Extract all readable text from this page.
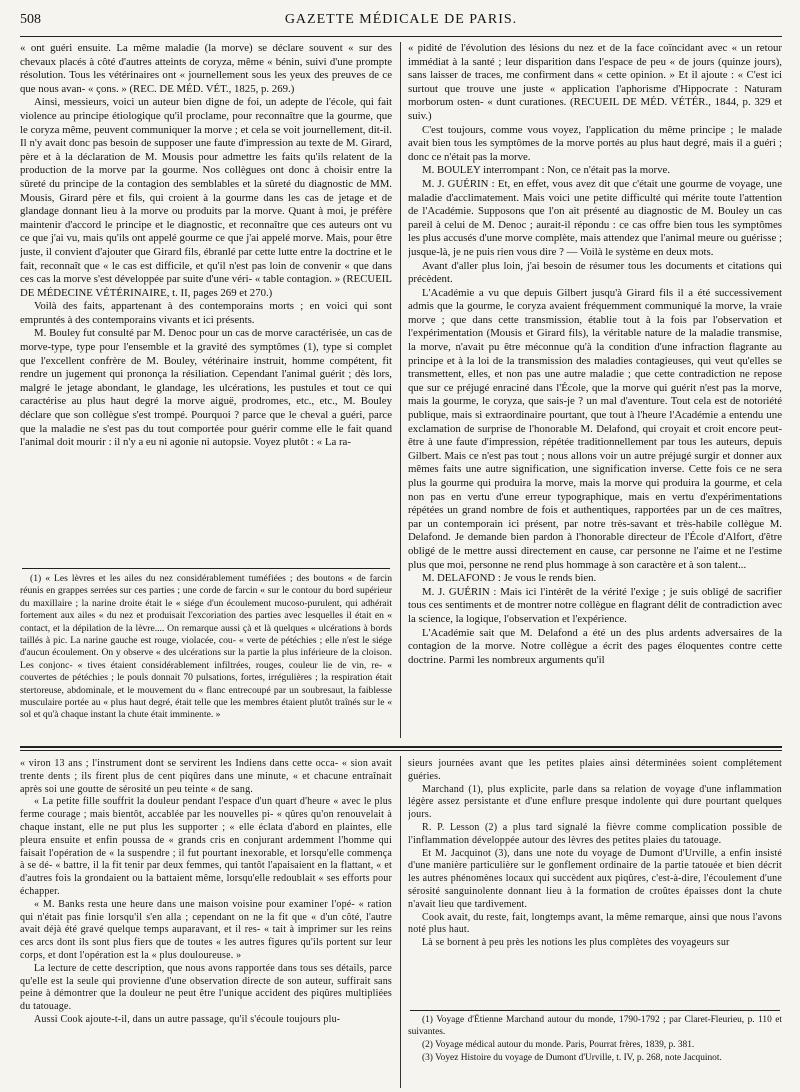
508	GAZETTE MÉDICALE DE PARIS.

« ont guéri ensuite. La même maladie (la morve) se déclare souvent « sur des chevaux placés à côté d'autres atteints de coryza, même « bénin, suivi d'une prompte résolution. Tous les vétérinaires ont « journellement sous les yeux des preuves de ce que nous avan- « çons. » (REC. DE MÉD. VÉT., 1825, p. 269.)

Ainsi, messieurs, voici un auteur bien digne de foi, un adepte de l'école, qui fait violence au principe étiologique qu'il proclame, pour reconnaître que la gourme, que le coryza même, peuvent communiquer la morve ; et cela se voit journellement, dit-il. Il n'y avait donc pas besoin de supposer une faute d'impression au texte de M. Girard, père et à la déclaration de M. Mousis pour admettre les faits qu'ils relatent de la production de la morve par la gourme. Nos collègues ont donc à choisir entre la sûreté du principe de la contagion des semblables et la sûreté du diagnostic de MM. Mousis, Girard père et fils, qui croient à la gourme dans les cas de jetage et de glandage donnant lieu à la morve ou produits par la morve. Quant à moi, je préfère maintenir d'accord le principe et le diagnostic, et reconnaître que ces auteurs ont vu ce que j'ai vu, mais qu'ils ont appelé gourme ce que j'ai appelé morve. Mais, pour être juste, il convient d'ajouter que Girard fils, ébranlé par cette lutte entre la doctrine et le fait, reconnaît que « le cas est difficile, et qu'il n'est pas loin de convenir « que dans ces cas la morve s'est développée par suite d'une véri- « table contagion. » (RECUEIL DE MÉDECINE VÉTÉRINAIRE, t. II, pages 269 et 270.)

Voilà des faits, appartenant à des contemporains morts ; en voici qui sont empruntés à des contemporains vivants et ici présents.

M. Bouley fut consulté par M. Denoc pour un cas de morve caractérisée, un cas de morve-type, type pour l'ensemble et la gravité des symptômes (1), type si complet que l'excellent confrère de M. Bouley, vétérinaire instruit, homme compétent, fit rendre un jugement qui prononça la résiliation. Cependant l'animal guérit ; dès lors, malgré le jetage abondant, le glandage, les ulcérations, les pustules et tout ce qui caractérise au plus haut degré la morve aiguë, prodromes, etc., etc., M. Bouley déclare que son collègue s'est trompé. Pourquoi ? parce que le cheval a guéri, parce que la maladie ne s'est pas du tout comportée pour guérir comme elle le fait quand l'animal doit mourir : il n'y a eu ni agonie ni autopsie. Voyez plutôt : « La ra-

(1) « Les lèvres et les ailes du nez considérablement tuméfiées ; des boutons « de farcin réunis en grappes serrées sur ces parties ; une corde de farcin « sur le contour du bord supérieur du maxillaire ; la narine droite était le « siége d'un écoulement mucoso-purulent, qui adhérait fortement aux ailes « du nez et produisait l'excoriation des parties avec lesquelles il était en « contact, et la dépilation de la lèvre.... On remarque aussi çà et là quelques « ulcérations à bords taillés à pic. La narine gauche est rouge, violacée, cou- « verte de pétéchies ; elle n'est le siége d'aucun écoulement. On y observe « des ulcérations sur la partie la plus inférieure de la cloison. Les conjonc- « tives étaient considérablement infiltrées, rouges, couleur lie de vin, re- « couvertes de pétéchies ; le pouls donnait 70 pulsations, fortes, irrégulières ; la respiration était stertoreuse, abdominale, et le mouvement du « flanc entrecoupé par un soubresaut, la faiblesse musculaire portée au « plus haut degré, était telle que les membres étaient plutôt traînés sur le « sol et qu'à chaque instant la chute était imminente. »

« pidité de l'évolution des lésions du nez et de la face coïncidant avec « un retour immédiat à la santé ; leur disparition dans l'espace de peu « de jours (quinze jours), sans laisser de traces, me confirment dans « cette opinion. » Et il ajoute : « C'est ici surtout que trouve une juste « application l'aphorisme d'Hippocrate : Naturam morborum osten- « dunt curationes. (RECUEIL DE MÉD. VÉTÉR., 1844, p. 329 et suiv.)

C'est toujours, comme vous voyez, l'application du même principe ; le malade avait bien tous les symptômes de la morve portés au plus haut degré, mais il a guéri ; donc ce n'était pas la morve.

M. BOULEY interrompant : Non, ce n'était pas la morve.

M. J. GUÉRIN : Et, en effet, vous avez dit que c'était une gourme de voyage, une maladie d'acclimatement. Mais voici une petite difficulté qui mérite toute l'attention de l'Académie. Supposons que l'on ait présenté au diagnostic de M. Bouley un cas pareil à celui de M. Denoc ; aurait-il répondu : ce cas offre bien tous les symptômes les plus accusés d'une morve complète, mais attendez que l'animal meure ou guérisse ; jusque-là, je ne puis rien vous dire ? — Voilà le système en deux mots.

Avant d'aller plus loin, j'ai besoin de résumer tous les documents et citations qui précèdent.

L'Académie a vu que depuis Gilbert jusqu'à Girard fils il a été successivement admis que la gourme, le coryza avaient fréquemment communiqué la morve, la vraie morve ; que dans cette transmission, établie tout à la fois par l'observation et l'expérimentation (Mousis et Girard fils), la véritable nature de la maladie transmise, la morve, n'avait pu être méconnue qu'à la condition d'une infraction flagrante au principe et à la loi de la transmission des maladies contagieuses, qui veut qu'elles se transmettent, elles, et non pas une autre maladie ; que cette contradiction ne repose que sur ce préjugé enraciné dans l'École, que la morve qui guérit n'est pas la morve, mais la gourme, le coryza, que sais-je ? un mal d'aventure. Tout cela est de notoriété publique, mais si extraordinaire pourtant, que tout à l'heure l'Académie a entendu une exclamation de surprise de l'honorable M. Delafond, qui croyait et croit encore peut-être à une faute d'impression, répétée traditionnellement par tous les auteurs, depuis Gilbert. Mais ce n'est pas tout ; nous allons voir un autre préjugé surgir et donner aux mêmes faits une autre signification, une signification inverse. Cette fois ce ne sera plus la gourme qui produira la morve, mais la morve qui produira la gourme, et cela non pas en vertu d'une erreur typographique, mais en vertu d'expérimentations répétées un grand nombre de fois et authentiques, rapportées par un de ces maîtres, par un contemporain ici présent, par notre très-savant et très-habile collègue M. Delafond. Je demande bien pardon à l'honorable directeur de l'École d'Alfort, d'être obligé de le mettre aussi directement en cause, car personne ne l'aime et ne l'estime plus que moi, personne ne rend plus hommage à son caractère et à son talent...

M. DELAFOND : Je vous le rends bien.

M. J. GUÉRIN : Mais ici l'intérêt de la vérité l'exige ; je suis obligé de sacrifier tous ces sentiments et de montrer notre collègue en flagrant délit de contradiction avec la science, la logique, l'observation et l'expérience.

L'Académie sait que M. Delafond a été un des plus ardents adversaires de la contagion de la morve. Notre collègue a écrit des pages éloquentes contre cette doctrine. Parmi les nombreux arguments qu'il

« viron 13 ans ; l'instrument dont se servirent les Indiens dans cette occa- « sion avait trente dents ; ils firent plus de cent piqûres dans une minute, « et chacune entraînait après soi une goutte de sérosité un peu teinte « de sang.

« La petite fille souffrit la douleur pendant l'espace d'un quart d'heure « avec le plus ferme courage ; mais bientôt, accablée par les nouvelles pi- « qûres qu'on renouvelait à chaque instant, elle ne put plus les supporter ; « elle éclata d'abord en plaintes, elle pleura ensuite et enfin poussa de « grands cris en conjurant ardemment l'homme qui faisait l'opération de « la suspendre ; il fut pourtant inexorable, et lorsqu'elle commença à se dé- « battre, il la fit tenir par deux femmes, qui tantôt l'apaisaient en la flattant, « et d'autres fois la grondaient ou la battaient même, lorsqu'elle redoublait « ses efforts pour échapper.

« M. Banks resta une heure dans une maison voisine pour examiner l'opé- « ration qui n'était pas finie lorsqu'il s'en alla ; cependant on ne la fit que « d'un côté, l'autre avait déjà été gravé quelque temps auparavant, et il res- « tait à imprimer sur les reins ces arcs dont ils sont plus fiers que de toutes « les autres figures qu'ils portent sur leur corps, et dont l'opération est la « plus douloureuse. »

La lecture de cette description, que nous avons rapportée dans tous ses détails, parce qu'elle est la seule qui provienne d'une observation directe de son auteur, suffirait sans peine à démontrer que la douleur ne peut être l'unique accident des piqûres multipliées du tatouage.

Aussi Cook ajoute-t-il, dans un autre passage, qu'il s'écoule toujours plu-

sieurs journées avant que les petites plaies ainsi déterminées soient complétement guéries.

Marchand (1), plus explicite, parle dans sa relation de voyage d'une inflammation légère assez persistante et d'une enflure presque indolente qui dure pourtant quelques jours.

R. P. Lesson (2) a plus tard signalé la fièvre comme complication possible de l'inflammation développée autour des lèvres des petites plaies du tatouage.

Et M. Jacquinot (3), dans une note du voyage de Dumont d'Urville, a enfin insisté d'une manière particulière sur le gonflement ordinaire de la partie tatouée et bien décrit les autres phénomènes locaux qui succèdent aux piqûres, c'est-à-dire, l'écoulement d'une sérosité sanguinolente donnant lieu à la formation de croûtes épaisses dont la chute n'avait lieu que tardivement.

Cook avait, du reste, fait, longtemps avant, la même remarque, ainsi que nous l'avons noté plus haut.

Là se bornent à peu près les notions les plus complètes des voyageurs sur

(1) Voyage d'Étienne Marchand autour du monde, 1790-1792 ; par Claret-Fleurieu, p. 110 et suivantes.

(2) Voyage médical autour du monde. Paris, Pourrat frères, 1839, p. 381.

(3) Voyez Histoire du voyage de Dumont d'Urville, t. IV, p. 268, note Jacquinot.
